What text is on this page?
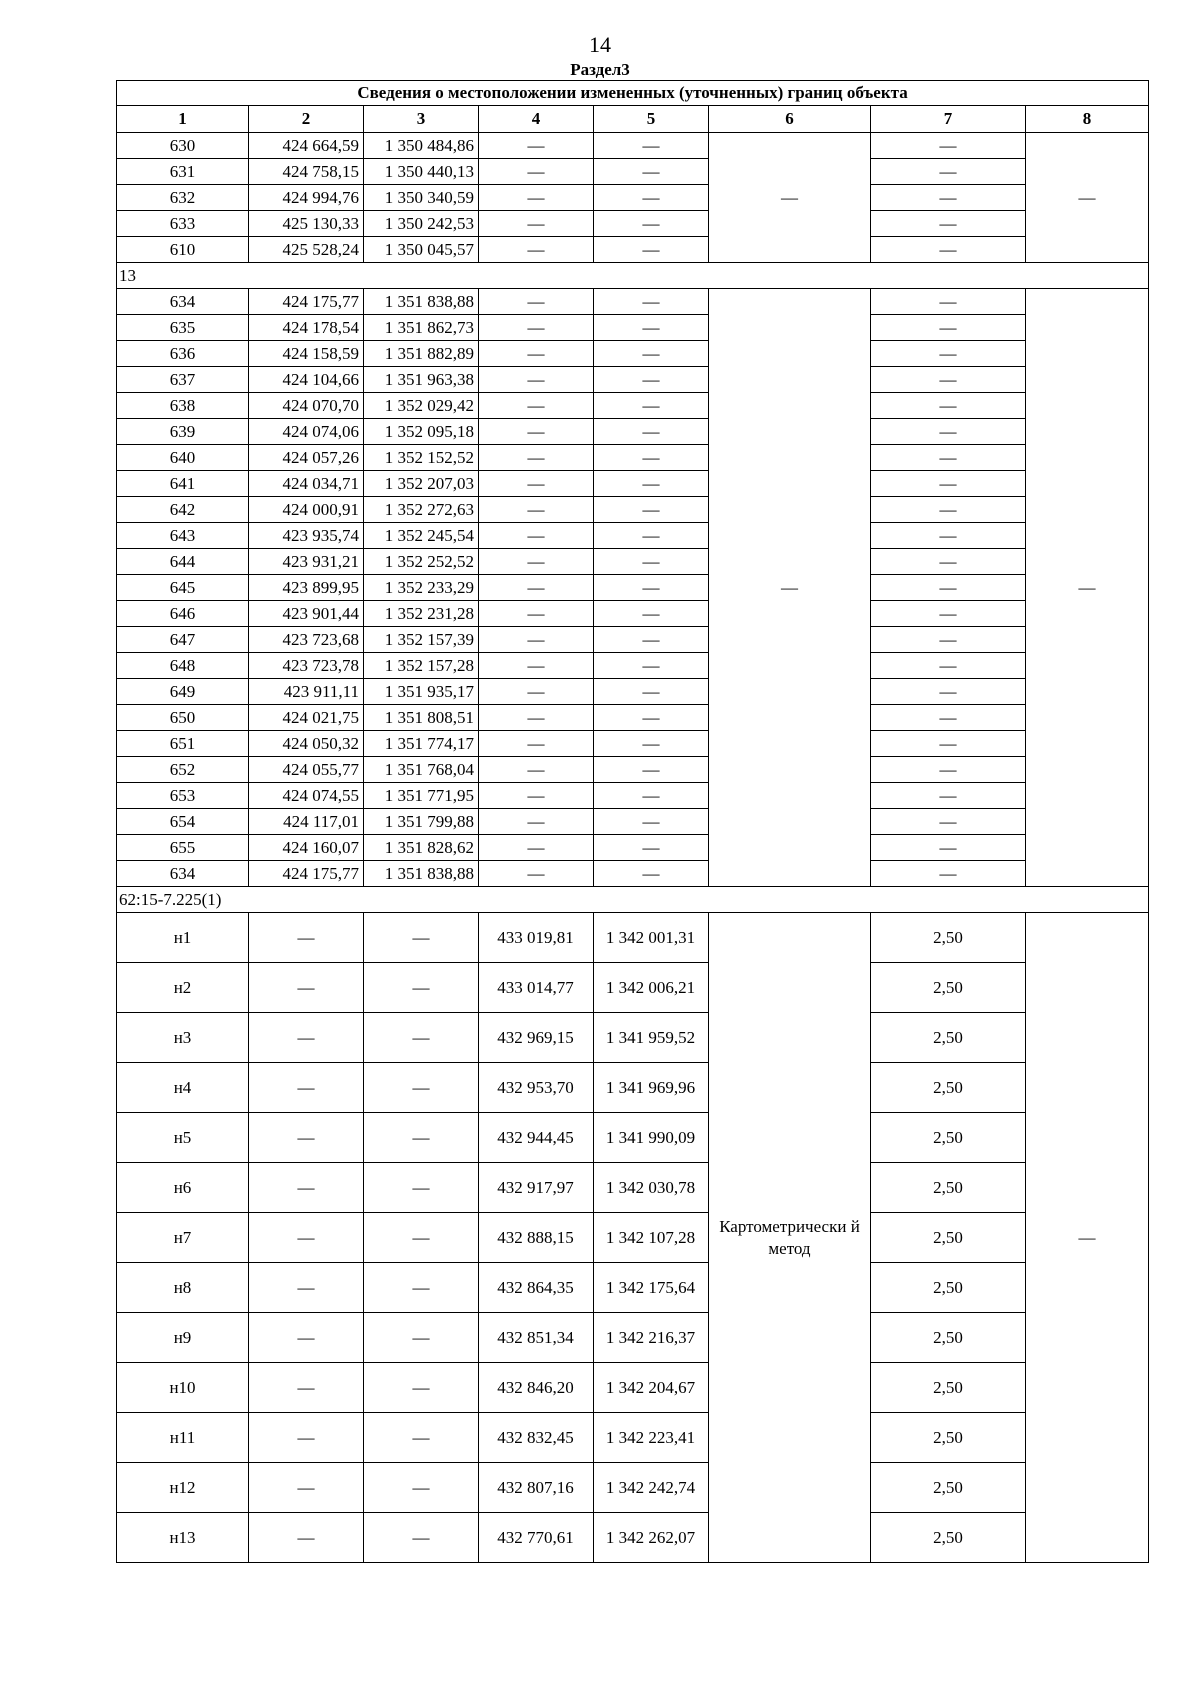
14
Раздел3
Сведения о местоположении измененных (уточненных) границ объекта							
1	2	3	4	5	6	7	8
630	424 664,59	1 350 484,86	—	—	—	—	—
631	424 758,15	1 350 440,13	—	—		—	
632	424 994,76	1 350 340,59	—	—		—	
633	425 130,33	1 350 242,53	—	—		—	
610	425 528,24	1 350 045,57	—	—		—	
13							
634	424 175,77	1 351 838,88	—	—	—	—	—
635	424 178,54	1 351 862,73	—	—		—	
636	424 158,59	1 351 882,89	—	—		—	
637	424 104,66	1 351 963,38	—	—		—	
638	424 070,70	1 352 029,42	—	—		—	
639	424 074,06	1 352 095,18	—	—		—	
640	424 057,26	1 352 152,52	—	—		—	
641	424 034,71	1 352 207,03	—	—		—	
642	424 000,91	1 352 272,63	—	—		—	
643	423 935,74	1 352 245,54	—	—		—	
644	423 931,21	1 352 252,52	—	—		—	
645	423 899,95	1 352 233,29	—	—		—	
646	423 901,44	1 352 231,28	—	—		—	
647	423 723,68	1 352 157,39	—	—		—	
648	423 723,78	1 352 157,28	—	—		—	
649	423 911,11	1 351 935,17	—	—		—	
650	424 021,75	1 351 808,51	—	—		—	
651	424 050,32	1 351 774,17	—	—		—	
652	424 055,77	1 351 768,04	—	—		—	
653	424 074,55	1 351 771,95	—	—		—	
654	424 117,01	1 351 799,88	—	—		—	
655	424 160,07	1 351 828,62	—	—		—	
634	424 175,77	1 351 838,88	—	—		—	
62:15-7.225(1)							
н1	—	—	433 019,81	1 342 001,31	Картометрически й метод	2,50	—
н2	—	—	433 014,77	1 342 006,21		2,50	
н3	—	—	432 969,15	1 341 959,52		2,50	
н4	—	—	432 953,70	1 341 969,96		2,50	
н5	—	—	432 944,45	1 341 990,09		2,50	
н6	—	—	432 917,97	1 342 030,78		2,50	
н7	—	—	432 888,15	1 342 107,28		2,50	
н8	—	—	432 864,35	1 342 175,64		2,50	
н9	—	—	432 851,34	1 342 216,37		2,50	
н10	—	—	432 846,20	1 342 204,67		2,50	
н11	—	—	432 832,45	1 342 223,41		2,50	
н12	—	—	432 807,16	1 342 242,74		2,50	
н13	—	—	432 770,61	1 342 262,07		2,50	
